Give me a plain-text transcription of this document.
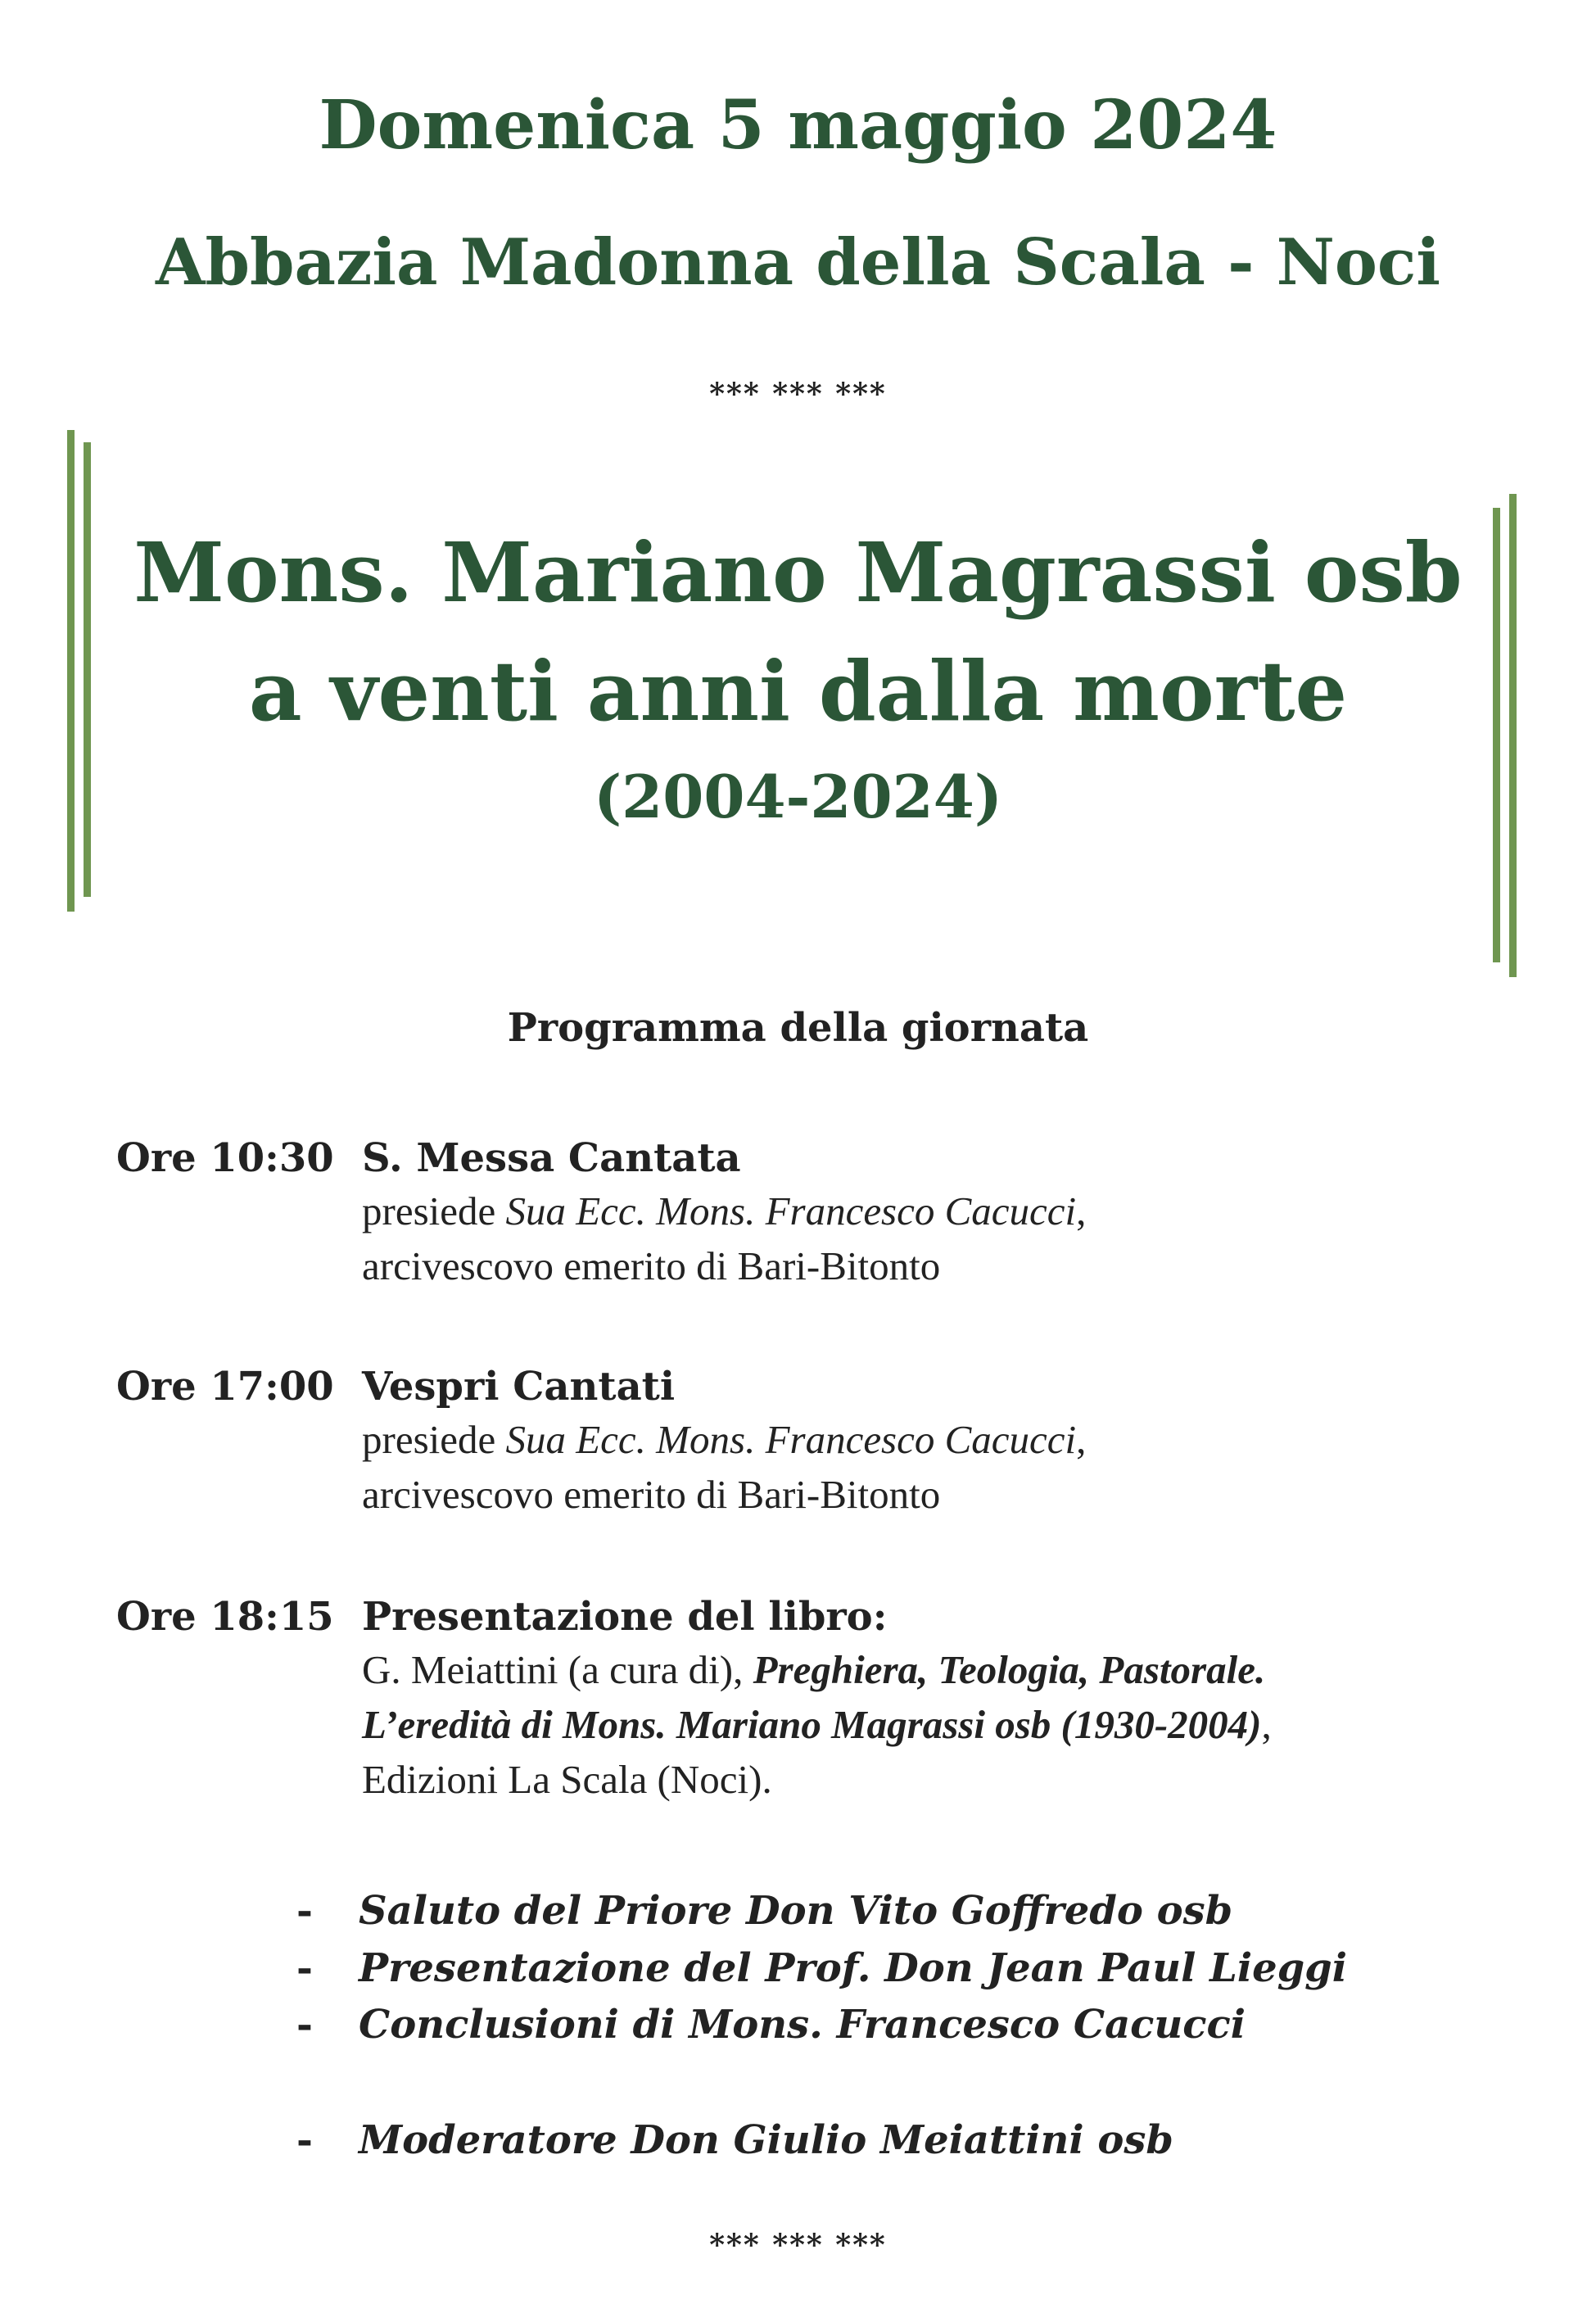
Domenica 5 maggio 2024
Abbazia Madonna della Scala - Noci
*** *** ***
Mons. Mariano Magrassi osb
a venti anni dalla morte
(2004-2024)
Programma della giornata
Ore 10:30 S. Messa Cantata
presiede Sua Ecc. Mons. Francesco Cacucci,
arcivescovo emerito di Bari-Bitonto
Ore 17:00 Vespri Cantati
presiede Sua Ecc. Mons. Francesco Cacucci,
arcivescovo emerito di Bari-Bitonto
Ore 18:15 Presentazione del libro:
G. Meiattini (a cura di), Preghiera, Teologia, Pastorale.
L’eredità di Mons. Mariano Magrassi osb (1930-2004),
Edizioni La Scala (Noci).
- Saluto del Priore Don Vito Goffredo osb
- Presentazione del Prof. Don Jean Paul Lieggi
- Conclusioni di Mons. Francesco Cacucci
- Moderatore Don Giulio Meiattini osb
*** *** ***
